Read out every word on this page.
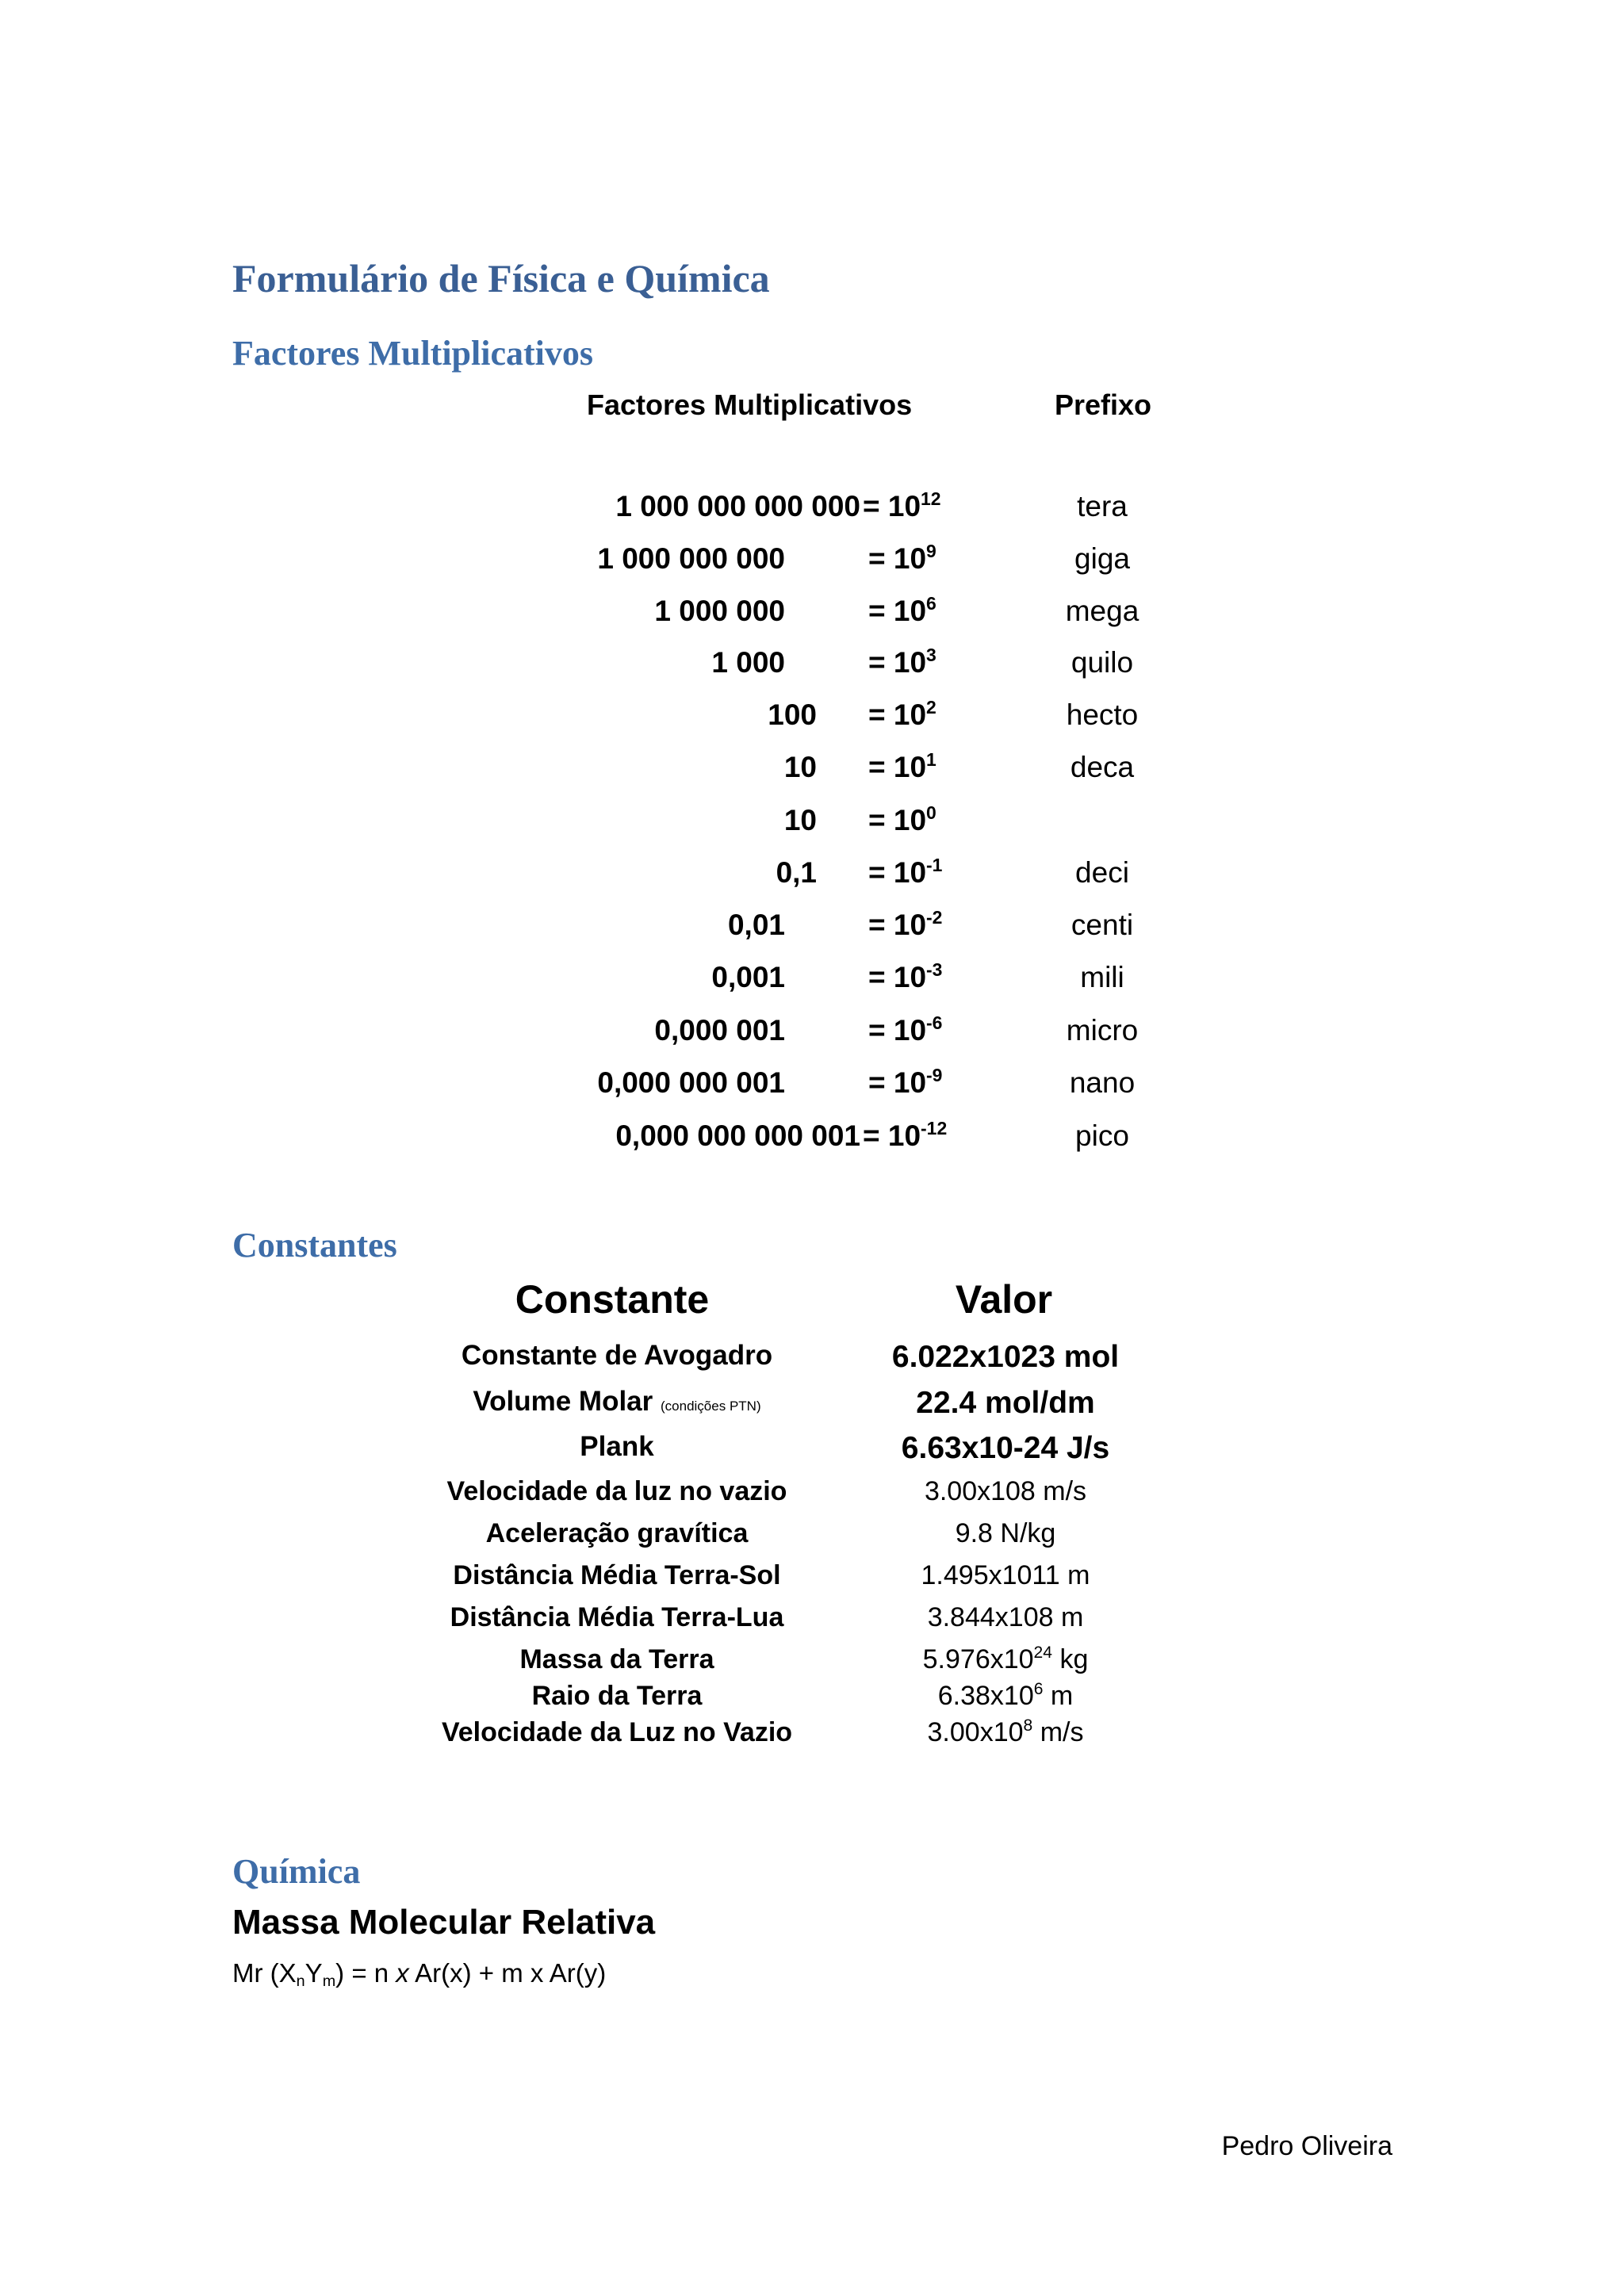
Formulário de Física e Química
Factores Multiplicativos
Factores Multiplicativos	Prefixo
1 000 000 000 $000 = 10^{12}$	tera
1 000 000 000	= $10^9$	giga
1 000 000	= $10^6$	mega
1 000	= $10^3$	quilo
$100 = 10^2$	hecto
$10 = 10^1$	deca
$10 = 10^0$
$0,1 = 10^{-1}$	deci
0,01	= $10^{-2}$	centi
0,001	= $10^{-3}$	mili
0,000 001	= $10^{-6}$	micro
0,000 000 001	= $10^{-9}$	nano
0,000 000 000 $001 = 10^{-12}$	pico
Constantes
Constante	Valor
Constante de Avogadro	6.022x1023 mol
Volume Molar (condições PTN)	22.4 mol/dm
Plank	6.63x10-24 J/s
Velocidade da luz no vazio	3.00x108 m/s
Aceleração gravítica	9.8 N/kg
Distância Média Terra-Sol	1.495x1011 m
Distância Média Terra-Lua	3.844x108 m
Massa da Terra	$5.976x10^{24}$ kg
Raio da Terra	$6.38x10^6$ m
Velocidade da Luz no Vazio	$3.00x10^8$ m/s
Química
Massa Molecular Relativa
Mr $(X_nY_m) = n$ x Ar(x) + m x Ar(y)
Pedro Oliveira
